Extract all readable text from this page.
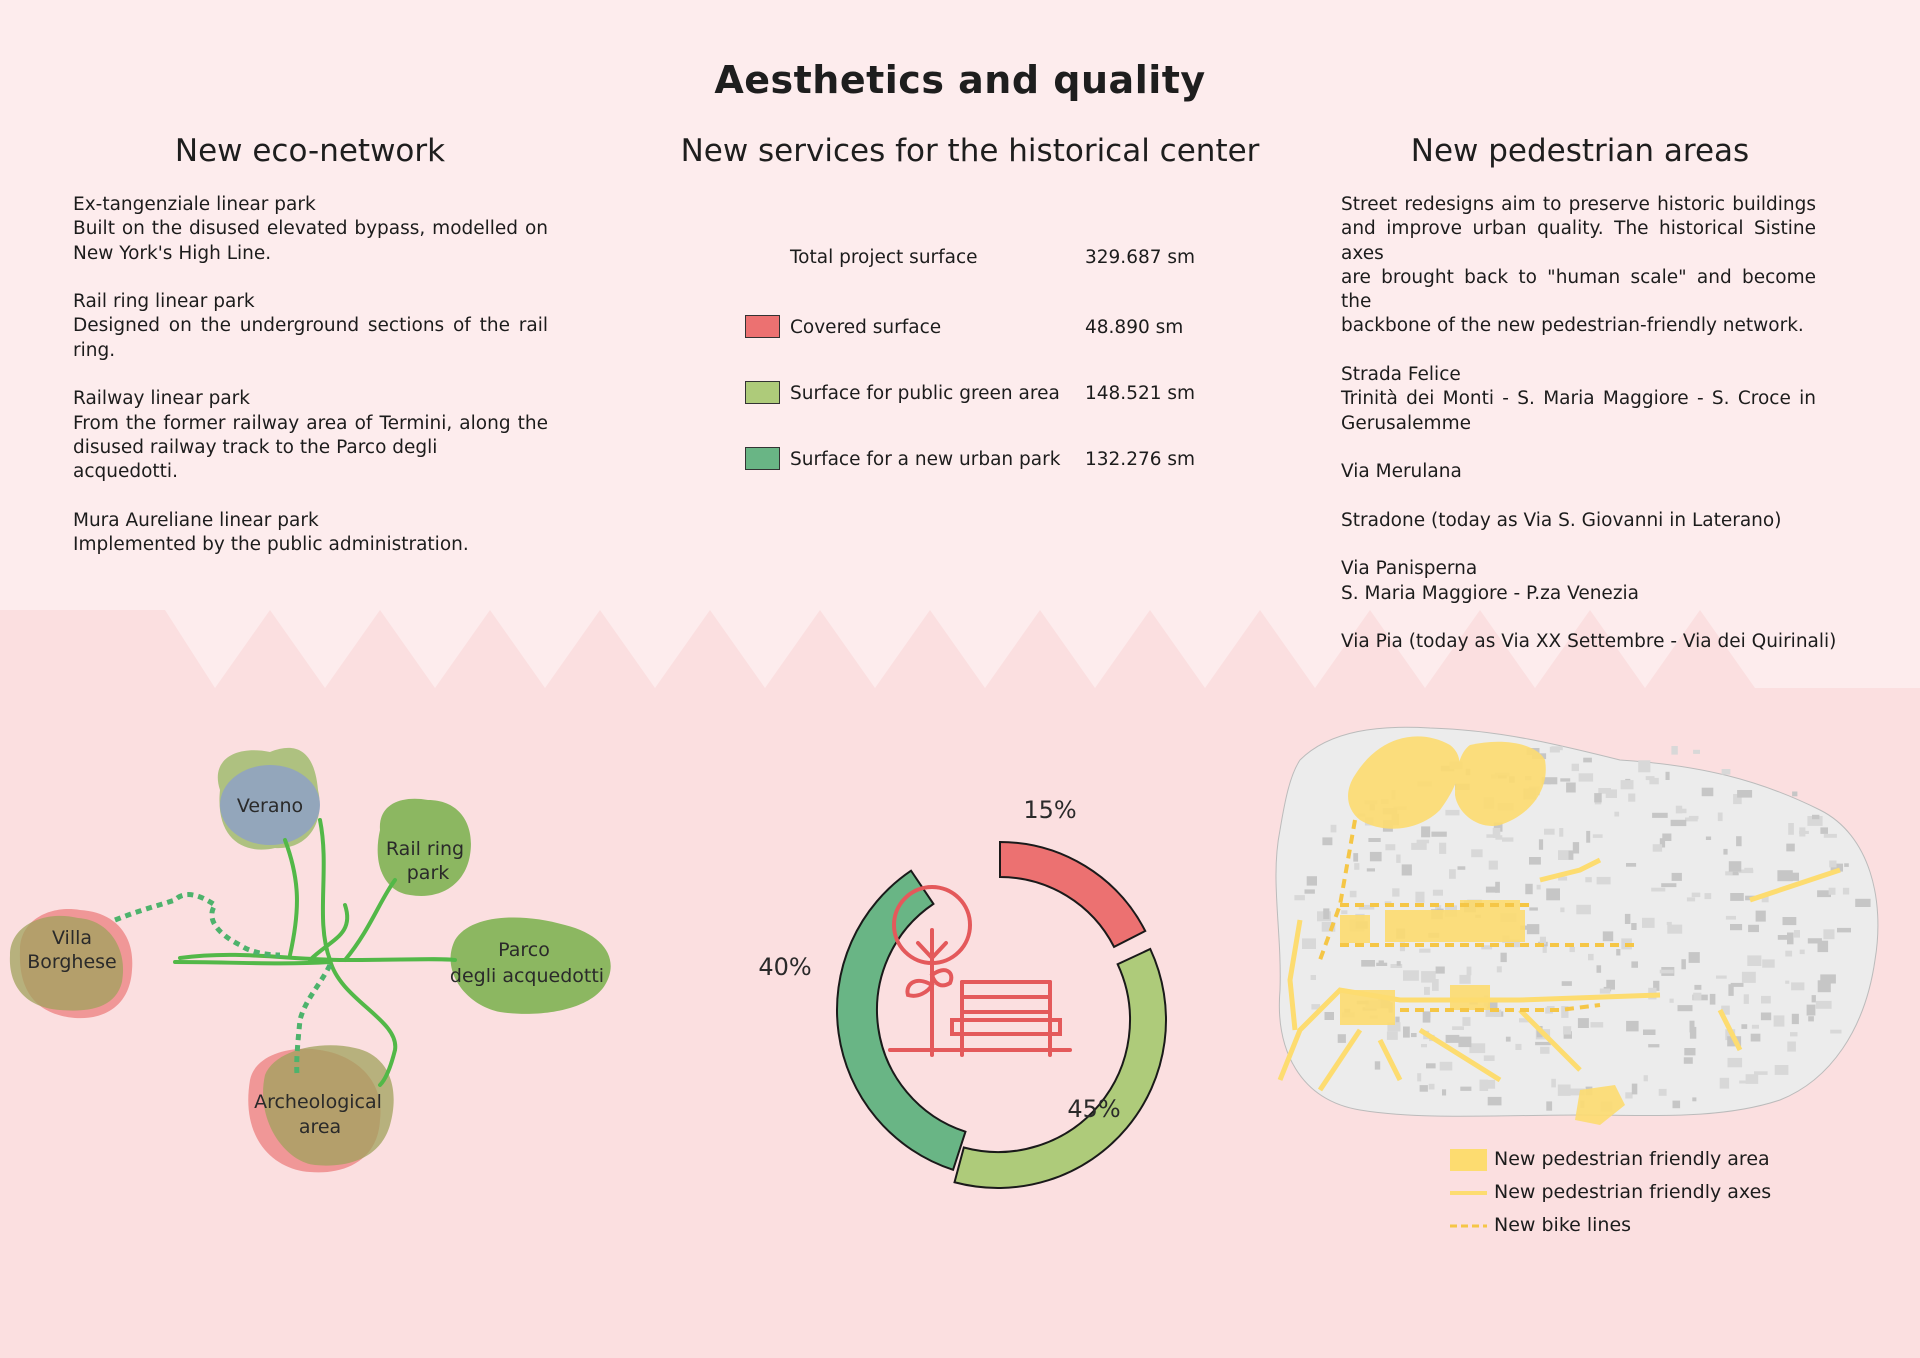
Aesthetics and quality
New eco-network	New services for the historical center	New pedestrian areas

Ex-tangenziale linear park

Built on the disused elevated bypass, modelled on

New York's High Line.

Rail ring linear park

Designed on the underground sections of the rail

ring.

Railway linear park

From the former railway area of Termini, along the

disused railway track to the Parco degli acquedotti.

Mura Aureliane linear park

Implemented by the public administration.

Total project surface	329.687 sm
Covered surface	48.890 sm
Surface for public green area 148.521 sm
Surface for a new urban park 132.276 sm

Street redesigns aim to preserve historic buildings

and improve urban quality. The historical Sistine axes

are brought back to "human scale" and become the

backbone of the new pedestrian-friendly network.

Strada Felice

Trinità dei Monti - S. Maria Maggiore - S. Croce in

Gerusalemme

Via Merulana

Stradone (today as Via S. Giovanni in Laterano)

Via Panisperna

S. Maria Maggiore - P.za Venezia

Via Pia (today as Via XX Settembre - Via dei Quirinali)

Verano
Rail ring
park
Villa
Borghese
Parco
degli acquedotti
Archeological
area
15%
45%
40%
New pedestrian friendly area
New pedestrian friendly axes
New bike lines
